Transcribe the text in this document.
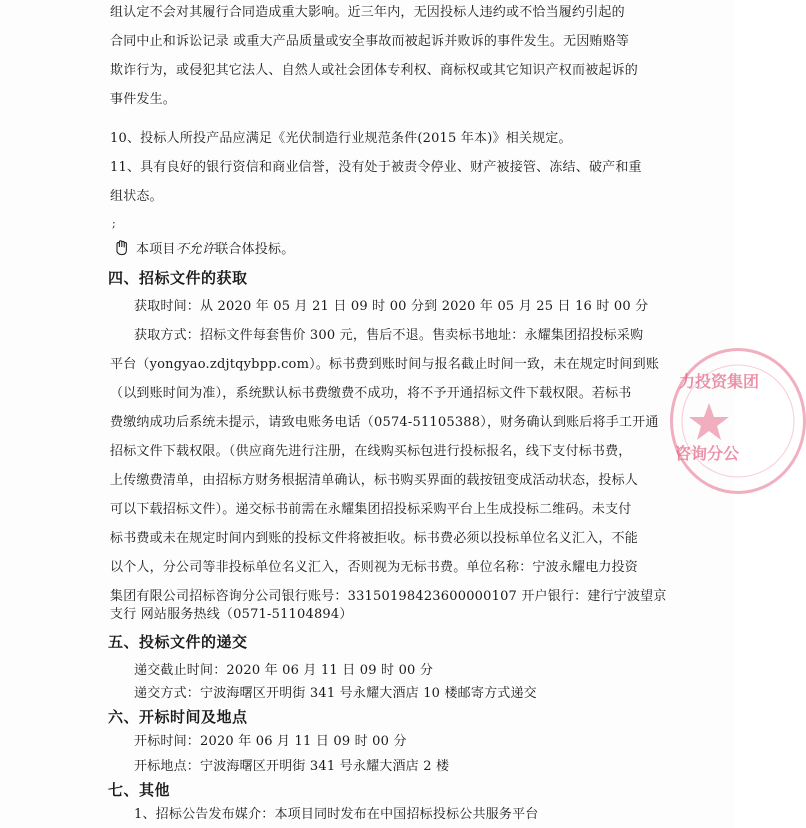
组认定不会对其履行合同造成重大影响。近三年内，无因投标人违约或不恰当履约引起的
合同中止和诉讼记录 或重大产品质量或安全事故而被起诉并败诉的事件发生。无因贿赂等
欺诈行为，或侵犯其它法人、自然人或社会团体专利权、商标权或其它知识产权而被起诉的
事件发生。
10、投标人所投产品应满足《光伏制造行业规范条件(2015 年本)》相关规定。
11、具有良好的银行资信和商业信誉，没有处于被责令停业、财产被接管、冻结、破产和重
组状态。
;
本项目不允许联合体投标。
四、招标文件的获取
获取时间：从 2020 年 05 月 21 日 09 时 00 分到 2020 年 05 月 25 日 16 时 00 分
获取方式：招标文件每套售价 300 元，售后不退。售卖标书地址：永耀集团招投标采购
平台（yongyao.zdjtqybpp.com）。标书费到账时间与报名截止时间一致，未在规定时间到账
（以到账时间为准），系统默认标书费缴费不成功，将不予开通招标文件下载权限。若标书
费缴纳成功后系统未提示，请致电账务电话（0574-51105388），财务确认到账后将手工开通
招标文件下载权限。（供应商先进行注册，在线购买标包进行投标报名，线下支付标书费，
上传缴费清单，由招标方财务根据清单确认，标书购买界面的载按钮变成活动状态，投标人
可以下载招标文件）。递交标书前需在永耀集团招投标采购平台上生成投标二维码。未支付
标书费或未在规定时间内到账的投标文件将被拒收。标书费必须以投标单位名义汇入，不能
以个人，分公司等非投标单位名义汇入，否则视为无标书费。单位名称：宁波永耀电力投资
集团有限公司招标咨询分公司银行账号：33150198423600000107 开户银行：建行宁波望京
支行 网站服务热线（0571-51104894）
五、投标文件的递交
递交截止时间：2020 年 06 月 11 日 09 时 00 分
递交方式：宁波海曙区开明街 341 号永耀大酒店 10 楼邮寄方式递交
六、开标时间及地点
开标时间：2020 年 06 月 11 日 09 时 00 分
开标地点：宁波海曙区开明街 341 号永耀大酒店 2 楼
七、其他
1、招标公告发布媒介：本项目同时发布在中国招标投标公共服务平台
力投资集团
咨询分公
